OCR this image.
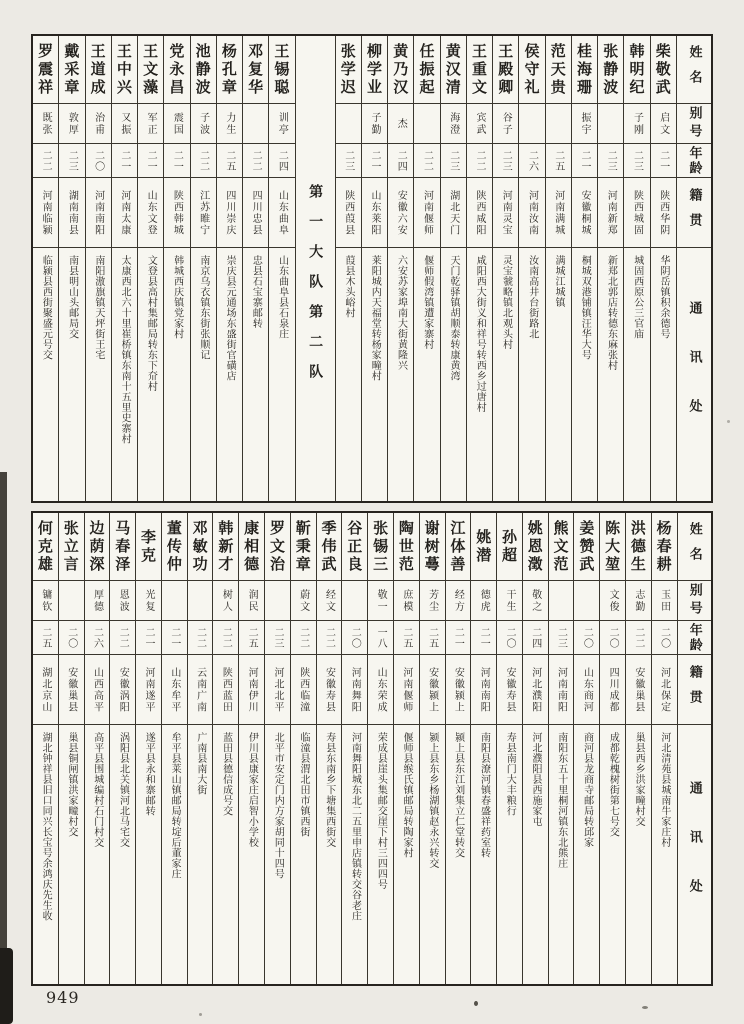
姓名
别号
年龄
籍贯
通讯处
柴敬武
启文
二一
陕西华阴
华阴岳镇积余德号
韩明纪
子刚
二三
陕西城固
城固西原公三官庙
张静波
二三
河南新郑
新郑北郭店转德东麻张村
桂海珊
振宇
二一
安徽桐城
桐城双港铺镇汪华大号
范天贵
二五
河南满城
满城江城镇
侯守礼
二六
河南汝南
汝南高井台街路北
王殿卿
谷子
二三
河南灵宝
灵宝虢略镇北观头村
王重文
宾武
二二
陕西咸阳
咸阳西大街义和祥号转西乡过唐村
黄汉清
海澄
二三
湖北天门
天门乾驿镇胡顺泰转康黄湾
任振起
二二
河南偃师
偃师假湾镇遭家寨村
黄乃汉
杰
二四
安徽六安
六安苏家埠南大街黄隆兴
柳学业
子勤
二一
山东莱阳
莱阳城内天福堂转杨家疃村
张学迟
二三
陕西葭县
葭县木头峪村
第一大队第二队
王锡聪
训亭
二四
山东曲阜
山东曲阜县石泉庄
邓复华
二二
四川忠县
忠县石宝寨邮转
杨孔章
力生
二五
四川崇庆
崇庆县元通场东盛街官磺店
池静波
子波
二二
江苏睢宁
南京乌衣镇东街张顺记
党永昌
震国
二一
陕西韩城
韩城西庆镇党家村
王文藻
军正
二一
山东文登
文登县高村集邮局转东下夼村
王中兴
又振
二一
河南太康
太康西北六十里崔桥镇东南十五里史寨村
王道成
治甫
二〇
河南南阳
南阳滶旗镇天坪街王宅
戴采章
敦厚
二三
湖南南县
南县明山头邮局交
罗震祥
既张
二二
河南临颍
临颍县西街聚盛元号交
姓名
别号
年龄
籍贯
通讯处
杨春耕
玉田
二〇
河北保定
河北清苑县城南牛家庄村
洪德生
志勤
二二
安徽巢县
巢县西乡洪家疃村交
陈大堃
文俊
二〇
四川成都
成都乾槐树街第七号交
姜赞武
二〇
山东商河
商河县龙商寺邮局转邱家
熊文范
二三
河南南阳
南阳东五十里桐河镇东北熊庄
姚恩澂
敬之
二四
河北濮阳
河北濮阳县西施家屯
孙超
干生
二〇
安徽寿县
寿县南门大丰粮行
姚潜
德虎
二一
河南南阳
南阳县潦河镇春盛祥药室转
江体善
经方
二一
安徽颍上
颍上县东江刘集立仁堂转交
谢树蕚
芳尘
二五
安徽颍上
颍上县东乡杨湖镇赵永兴转交
陶世范
庶模
二五
河南偃师
偃师县缑氏镇邮局转陶家村
张锡三
敬一
一八
山东荣成
荣成县崖头集邮交崖下村三四四号
谷正良
二〇
河南舞阳
河南舞阳城东北二五里申店镇转交谷老庄
季伟武
经文
二二
安徽寿县
寿县东南乡下塘集西街交
靳秉章
蔚文
二二
陕西临潼
临潼县渭北田市镇西街
罗文治
二三
河北北平
北平市安定门内方家胡同十四号
康相德
润民
二五
河南伊川
伊川县康家庄启智小学校
韩新才
树人
二二
陕西蓝田
蓝田县德信成号交
邓敏功
二二
云南广南
广南县南大街
董传仲
二一
山东牟平
牟平县莱山镇邮局转埞后董家庄
李克
光复
二一
河南遂平
遂平县永和寨邮转
马春泽
恩波
二二
安徽涡阳
涡阳县北关镇河北马宅交
边荫深
厚德
二六
山西高平
高平县围城编村石门村交
张立言
二〇
安徽巢县
巢县铜闸镇洪家疃村交
何克雄
镛钦
二五
湖北京山
湖北钟祥县旧口同兴长宝号余鸿庆先生收
949
